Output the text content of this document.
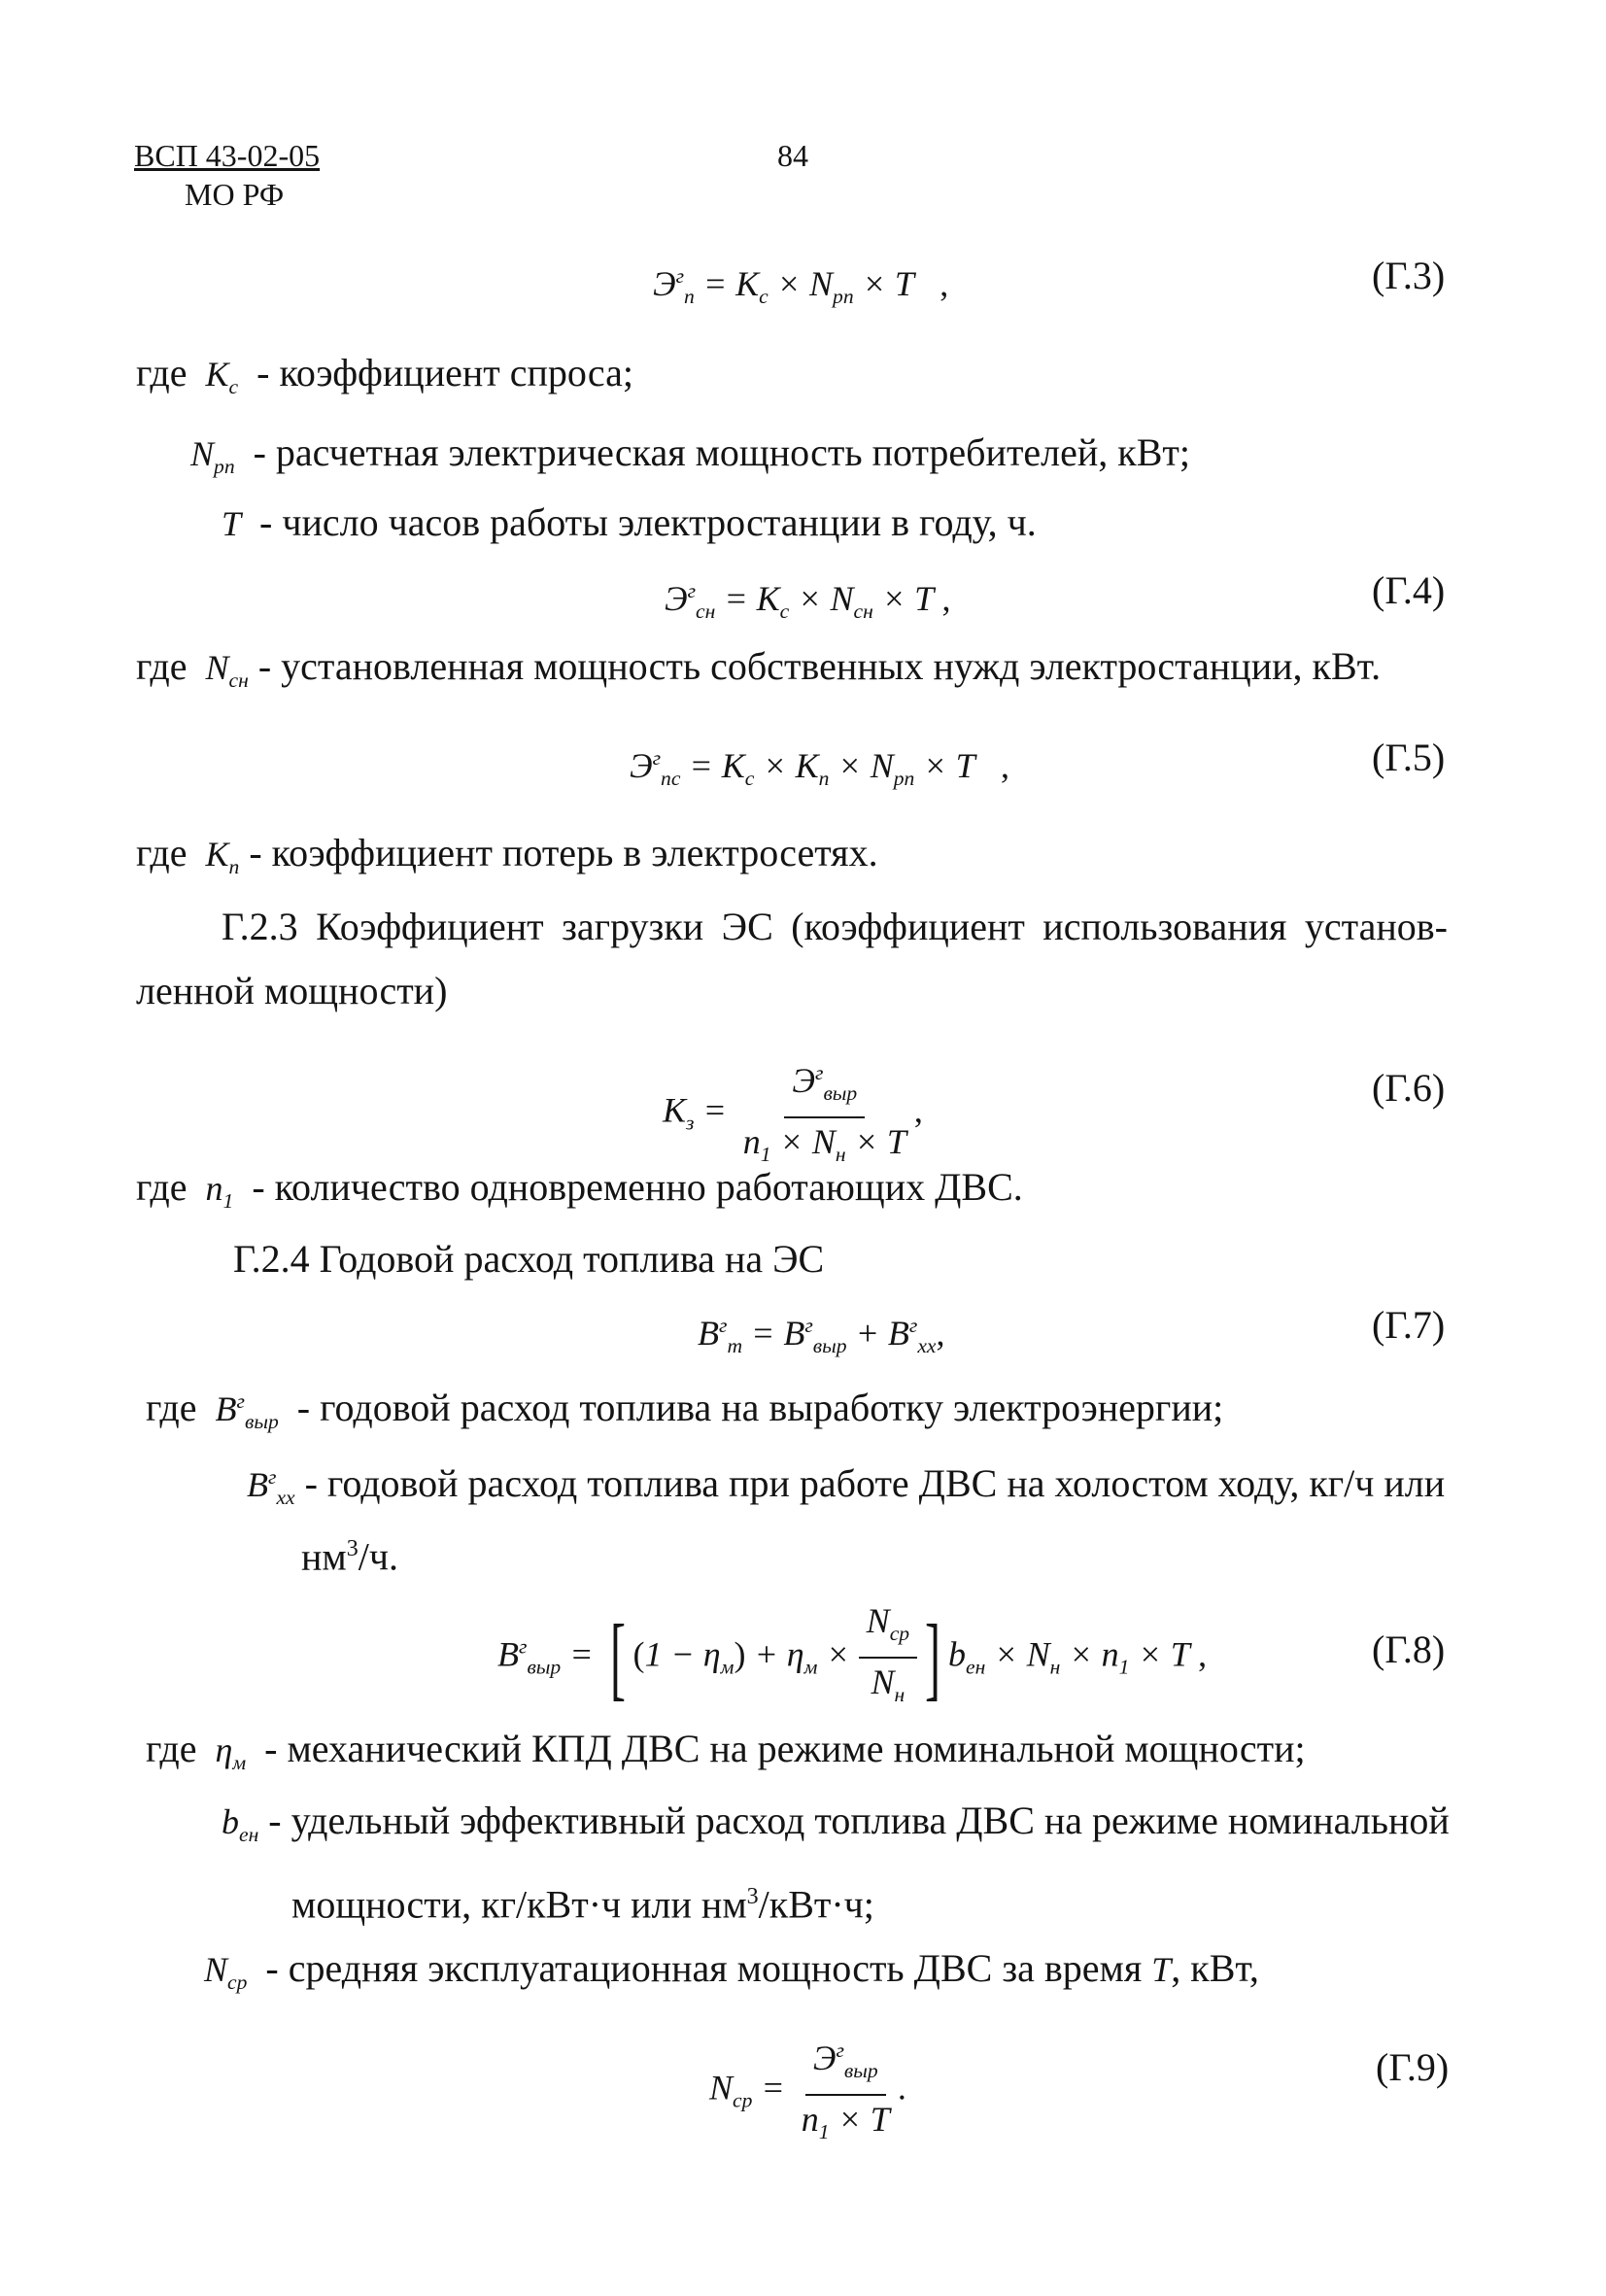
ВСП 43-02-05
МО РФ
84
$Э^г_п = K_с \times N_{рп} \times T$   ,	(Г.3)
где  $K_с$ - коэффициент спроса;
$N_{рп}$ - расчетная электрическая мощность потребителей, кВт;
T  - число часов работы электростанции в году, ч.
$Э^г_{сн} = K_с \times N_{сн} \times T$ ,	(Г.4)
где  $N_{сн}$ - установленная мощность собственных нужд электростанции, кВт.
$Э^г_{пс} = K_с \times K_п \times N_{рп} \times T$   ,	(Г.5)
где  $K_п$ - коэффициент потерь в электросетях.
Г.2.3 Коэффициент загрузки ЭС (коэффициент использования установ-
ленной мощности)
$K_з = \frac{Э^г_{выр}}{n_1 \times N_н \times T}$ ,
(Г.6)
где  $n_1$ - количество одновременно работающих ДВС.
Г.2.4 Годовой расход топлива на ЭС
$B^г_т = B^г_{выр} + B^г_{хх}$,	(Г.7)
где  $B^г_{выр}$ - годовой расход топлива на выработку электроэнергии;
$B^г_{хх}$ - годовой расход топлива при работе ДВС на холостом ходу, кг/ч или
$нм^3/ч$.
$B^г_{выр}$ = [ $(1 - \eta_м) + \eta_м \times \frac{N_{ср}}{N_н}$ ] $b_{ен} \times N_н \times n_1 \times T$ ,	(Г.8)
где  $\eta_м$ - механический КПД ДВС на режиме номинальной мощности;
$b_{ен}$ - удельный эффективный расход топлива ДВС на режиме номинальной
мощности, кг/кВт·ч или $нм^3/кВт\cdot ч$;
$N_{ср}$ - средняя эксплуатационная мощность ДВС за время T, кВт,
$N_{ср} = \frac{Э^г_{выр}}{n_1 \times T}$ .	(Г.9)
